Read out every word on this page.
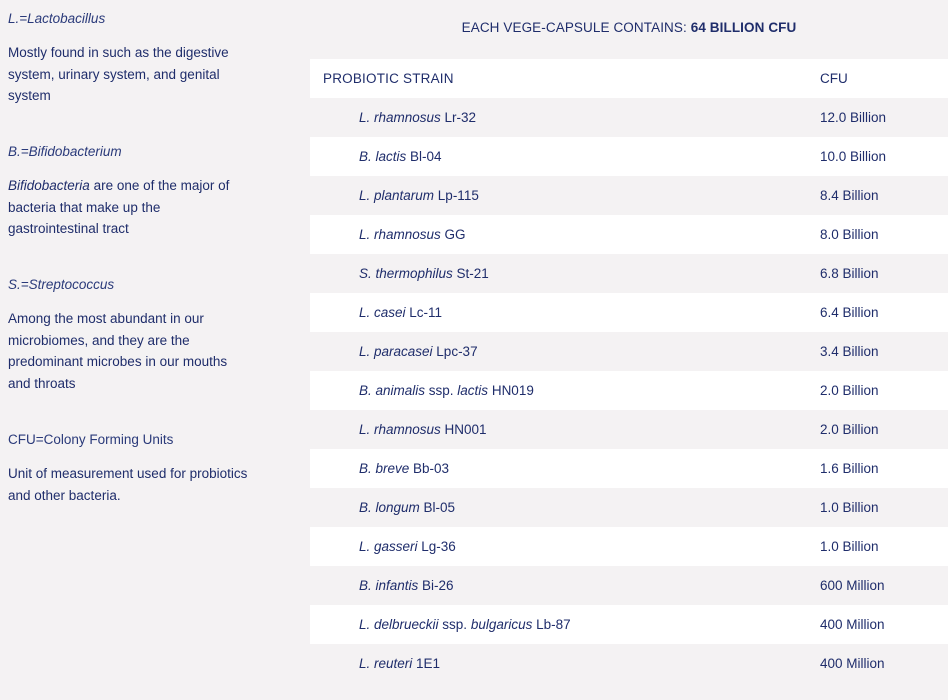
L.=Lactobacillus

Mostly found in such as the digestive system, urinary system, and genital system

B.=Bifidobacterium

Bifidobacteria are one of the major of bacteria that make up the gastrointestinal tract

S.=Streptococcus

Among the most abundant in our microbiomes, and they are the predominant microbes in our mouths and throats

CFU=Colony Forming Units

Unit of measurement used for probiotics and other bacteria.

EACH VEGE-CAPSULE CONTAINS: 64 BILLION CFU
PROBIOTIC STRAIN	CFU
L. rhamnosus Lr-32	12.0 Billion
B. lactis Bl-04	10.0 Billion
L. plantarum Lp-115	8.4 Billion
L. rhamnosus GG	8.0 Billion
S. thermophilus St-21	6.8 Billion
L. casei Lc-11	6.4 Billion
L. paracasei Lpc-37	3.4 Billion
B. animalis ssp. lactis HN019	2.0 Billion
L. rhamnosus HN001	2.0 Billion
B. breve Bb-03	1.6 Billion
B. longum Bl-05	1.0 Billion
L. gasseri Lg-36	1.0 Billion
B. infantis Bi-26	600 Million
L. delbrueckii ssp. bulgaricus Lb-87	400 Million
L. reuteri 1E1	400 Million
